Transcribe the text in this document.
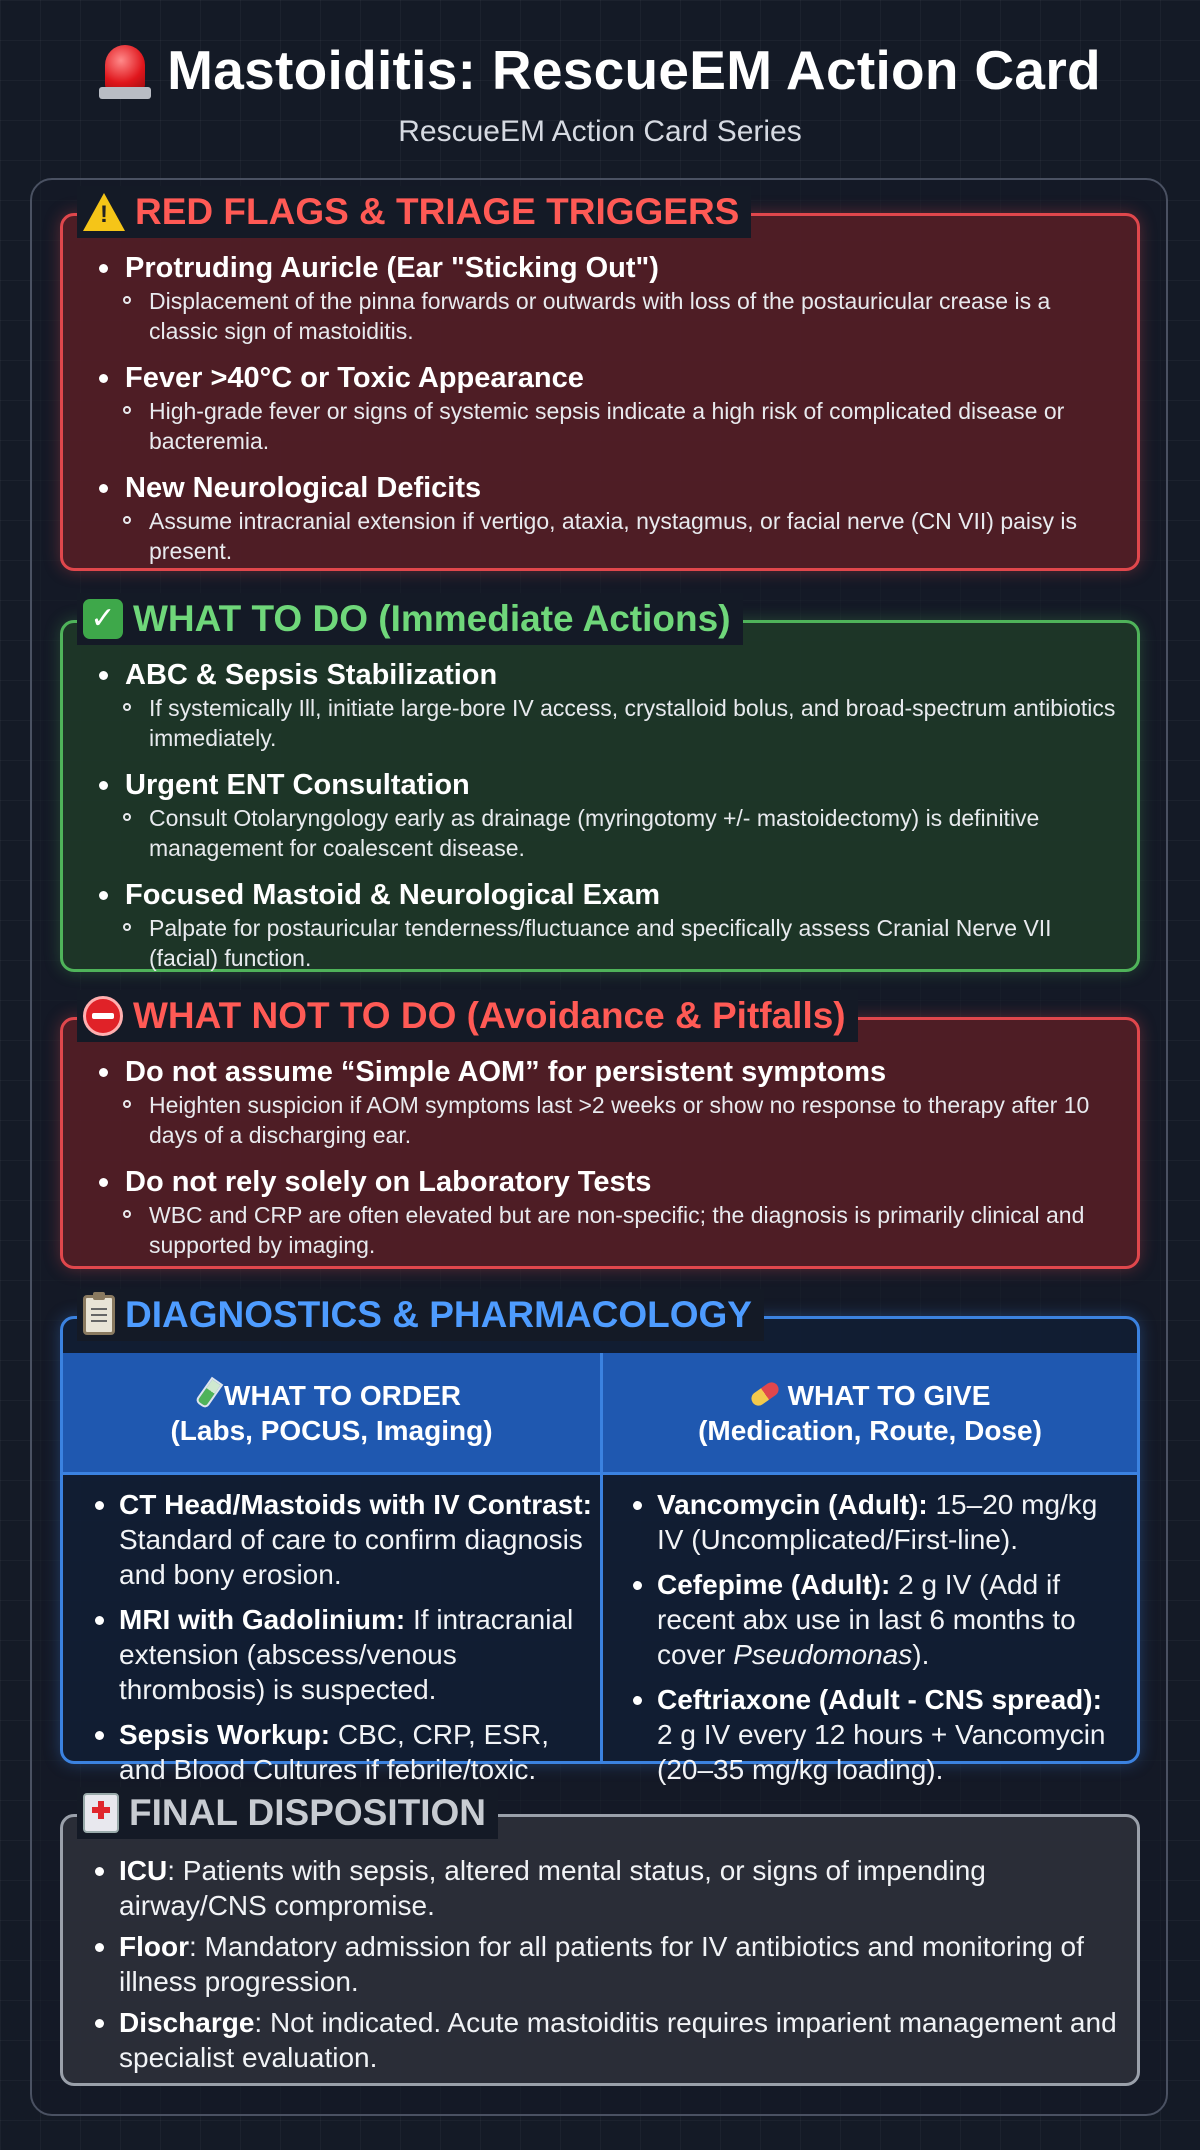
Mastoiditis: RescueEM Action Card
RescueEM Action Card Series
! RED FLAGS & TRIAGE TRIGGERS
Protruding Auricle (Ear "Sticking Out")
Displacement of the pinna forwards or outwards with loss of the postauricular crease is a classic sign of mastoiditis.
Fever >40°C or Toxic Appearance
High-grade fever or signs of systemic sepsis indicate a high risk of complicated disease or bacteremia.
New Neurological Deficits
Assume intracranial extension if vertigo, ataxia, nystagmus, or facial nerve (CN VII) paisy is present.
✓ WHAT TO DO (Immediate Actions)
ABC & Sepsis Stabilization
If systemically Ill, initiate large-bore IV access, crystalloid bolus, and broad-spectrum antibiotics immediately.
Urgent ENT Consultation
Consult Otolaryngology early as drainage (myringotomy +/- mastoidectomy) is definitive management for coalescent disease.
Focused Mastoid & Neurological Exam
Palpate for postauricular tenderness/fluctuance and specifically assess Cranial Nerve VII (facial) function.
WHAT NOT TO DO (Avoidance & Pitfalls)
Do not assume “Simple AOM” for persistent symptoms
Heighten suspicion if AOM symptoms last >2 weeks or show no response to therapy after 10 days of a discharging ear.
Do not rely solely on Laboratory Tests
WBC and CRP are often elevated but are non-specific; the diagnosis is primarily clinical and supported by imaging.
DIAGNOSTICS & PHARMACOLOGY
WHAT TO ORDER
(Labs, POCUS, Imaging)
WHAT TO GIVE
(Medication, Route, Dose)
CT Head/Mastoids with IV Contrast: Standard of care to confirm diagnosis and bony erosion.
MRI with Gadolinium: If intracranial extension (abscess/venous thrombosis) is suspected.
Sepsis Workup: CBC, CRP, ESR, and Blood Cultures if febrile/toxic.
Vancomycin (Adult): 15–20 mg/kg IV (Uncomplicated/First-line).
Cefepime (Adult): 2 g IV (Add if recent abx use in last 6 months to cover Pseudomonas).
Ceftriaxone (Adult - CNS spread): 2 g IV every 12 hours + Vancomycin (20–35 mg/kg loading).
FINAL DISPOSITION
ICU: Patients with sepsis, altered mental status, or signs of impending airway/CNS compromise.
Floor: Mandatory admission for all patients for IV antibiotics and monitoring of illness progression.
Discharge: Not indicated. Acute mastoiditis requires imparient management and specialist evaluation.
